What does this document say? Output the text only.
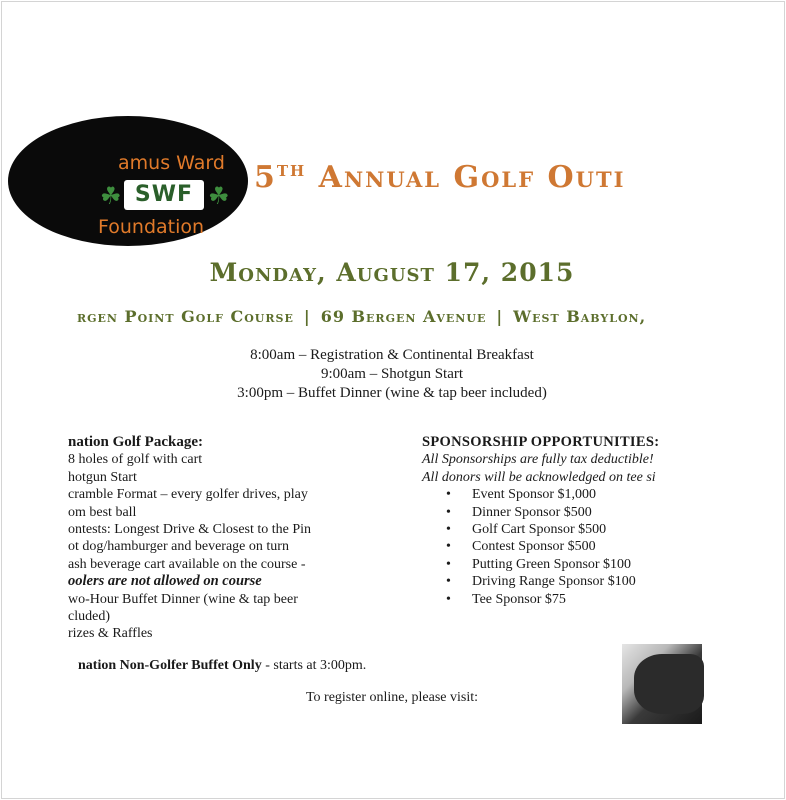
amus Ward
☘ SWF ☘
Foundation
5TH Annual Golf Outi
Monday, August 17, 2015
rgen Point Golf Course | 69 Bergen Avenue | West Babylon,
8:00am – Registration & Continental Breakfast
9:00am – Shotgun Start
3:00pm – Buffet Dinner (wine & tap beer included)
nation Golf Package:
8 holes of golf with cart
hotgun Start
cramble Format – every golfer drives, play
om best ball
ontests: Longest Drive & Closest to the Pin
ot dog/hamburger and beverage on turn
ash beverage cart available on the course -
oolers are not allowed on course
wo-Hour Buffet Dinner (wine & tap beer
cluded)
rizes & Raffles
SPONSORSHIP OPPORTUNITIES:
All Sponsorships are fully tax deductible!
All donors will be acknowledged on tee si
• Event Sponsor $1,000
• Dinner Sponsor $500
• Golf Cart Sponsor $500
• Contest Sponsor $500
• Putting Green Sponsor $100
• Driving Range Sponsor $100
• Tee Sponsor $75
nation Non-Golfer Buffet Only - starts at 3:00pm.
To register online, please visit:
